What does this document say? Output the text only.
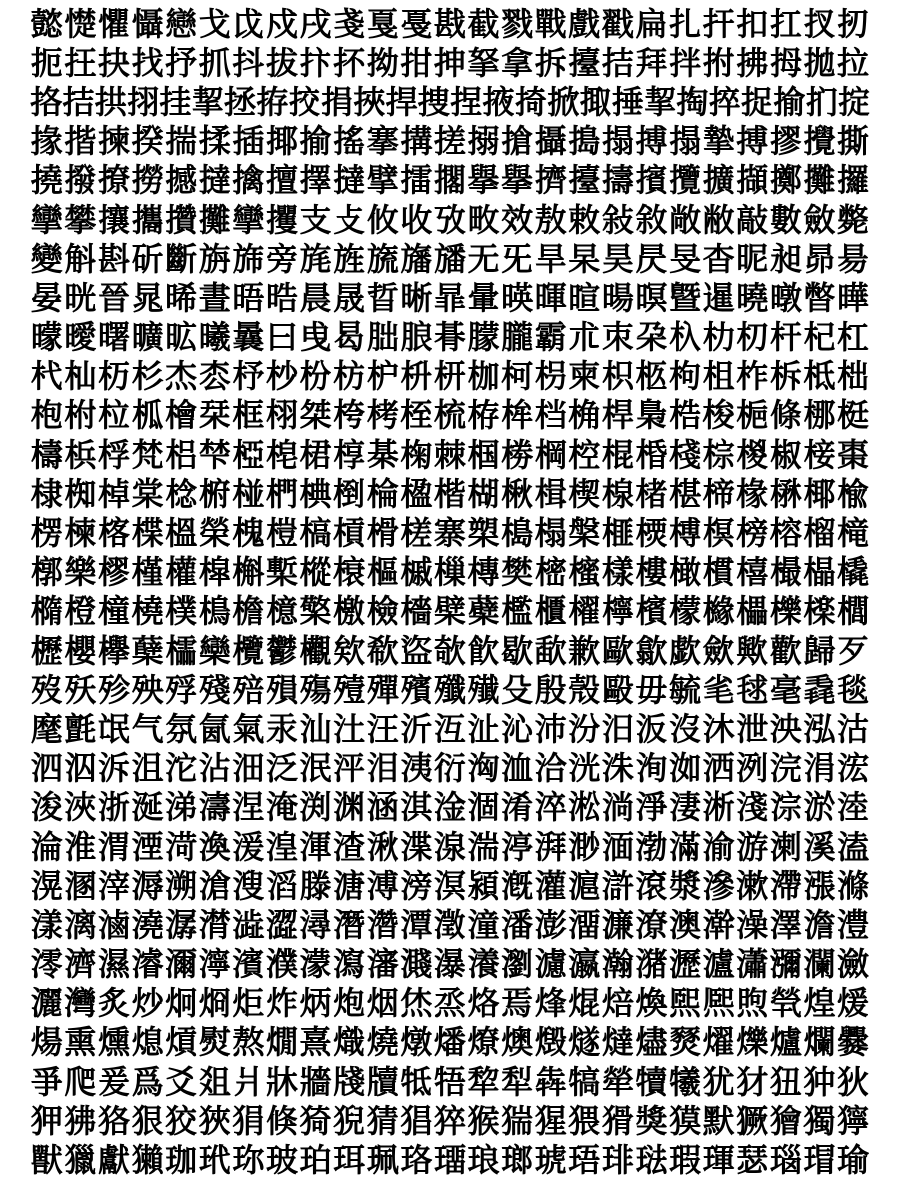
懿 憷 懼 懾 戀 戈 戉 戍 戌 戔 戛 戞 戡 截 戮 戰 戲 戳 扁 扎 扞 扣 扛 扠 扨
扼 抂 抉 找 抒 抓 抖 拔 抃 抔 拗 拑 抻 拏 拿 拆 擡 拮 拜 拌 拊 拂 拇 拋 拉
挌 拮 拱 挧 挂 挈 拯 拵 挍 捐 挾 捍 捜 捏 掖 掎 掀 掫 捶 挈 掏 捽 捉 揄 扪 掟
掾 揩 揀 揆 揣 揉 插 揶 揄 搖 搴 搆 搓 搦 搶 攝 搗 搨 搏 搨 摯 搏 摎 攪 撕
撓 撥 撩 撈 撼 撻 擒 擅 擇 撻 擘 擂 擱 擧 擧 擠 擡 擣 擯 攬 擴 擷 擲 攤 攞
攣 攀 攘 攜 攢 攤 攣 攫 支 攴 攸 收 攷 畋 效 敖 敕 敍 敘 敞 敝 敲 數 斂 斃
變 斛 斟 斫 斷 旃 旆 旁 旄 旌 旒 旛 旙 无 旡 旱 杲 昊 昃 旻 杳 昵 昶 昴 昜
晏 晄 晉 晁 晞 晝 晤 晧 晨 晟 晢 晰 暃 暈 暎 暉 暄 暘 暝 曁 暹 曉 暾 暼 曄
曚 曖 曙 曠 昿 曦 曩 曰 曵 曷 朏 朖 朞 朦 朧 霸 朮 朿 朶 杁 朸 朷 杆 杞 杠
杙 杣 杤 杉 杰 枩 杼 杪 枌 枋 枦 枡 枅 枷 柯 枴 柬 枳 柩 枸 柤 柞 柝 柢 柮
枹 柎 柆 柧 檜 栞 框 栩 桀 桍 栲 桎 梳 栫 桙 档 桷 桿 梟 梏 梭 梔 條 梛 梃
檮 梹 桴 梵 梠 梺 椏 梍 桾 椁 棊 椈 棘 椢 椦 棡 椌 棍 棔 棧 棕 椶 椒 椄 棗
棣 椥 棹 棠 棯 椨 椪 椚 椣 椡 棆 楹 楷 楜 楸 楫 楔 楾 楮 椹 楴 椽 楙 椰 楡
楞 楝 楁 楪 榲 榮 槐 榿 槁 槓 榾 槎 寨 槊 槝 榻 槃 榧 樮 榑 榠 榜 榕 榴 槞
槨 樂 樛 槿 權 槹 槲 槧 樅 榱 樞 槭 樔 槫 樊 樒 櫁 樣 樓 橄 樌 橲 樶 橸 橇
橢 橙 橦 橈 樸 樢 檐 檍 檠 檄 檢 檣 檗 蘗 檻 櫃 櫂 檸 檳 檬 櫞 櫑 櫟 檪 櫚
櫪 櫻 欅 蘖 櫺 欒 欖 鬱 欟 欸 欷 盜 欹 飮 歇 歃 歉 歐 歙 歔 歛 歟 歡 歸 歹
歿 殀 殄 殃 殍 殘 殕 殞 殤 殪 殫 殯 殲 殱 殳 殷 殼 毆 毋 毓 毟 毬 毫 毳 毯
麾 氈 氓 气 氛 氤 氣 汞 汕 汢 汪 沂 沍 沚 沁 沛 汾 汨 汳 沒 沐 泄 泱 泓 沽
泗 泅 泝 沮 沱 沾 沺 泛 泯 泙 泪 洟 衍 洶 洫 洽 洸 洙 洵 洳 洒 洌 浣 涓 浤
浚 浹 浙 涎 涕 濤 涅 淹 渕 渊 涵 淇 淦 涸 淆 淬 淞 淌 淨 淒 淅 淺 淙 淤 淕
淪 淮 渭 湮 渮 渙 湲 湟 渾 渣 湫 渫 湶 湍 渟 湃 渺 湎 渤 滿 渝 游 溂 溪 溘
滉 溷 滓 溽 溯 滄 溲 滔 滕 溏 溥 滂 溟 潁 漑 灌 滬 滸 滾 漿 滲 漱 滯 漲 滌
漾 漓 滷 澆 潺 潸 澁 澀 潯 潛 濳 潭 澂 潼 潘 澎 澑 濂 潦 澳 澣 澡 澤 澹 澧
澪 濟 濕 濬 濔 濘 濱 濮 濛 瀉 瀋 濺 瀑 瀁 瀏 濾 瀛 瀚 潴 瀝 瀘 瀟 瀰 瀾 瀲
灑 灣 炙 炒 炯 烱 炬 炸 炳 炮 烟 烋 烝 烙 焉 烽 焜 焙 煥 煕 熈 煦 煢 煌 煖
煬 熏 燻 熄 熕 熨 熬 燗 熹 熾 燒 燉 燔 燎 燠 燬 燧 燵 燼 燹 燿 爍 爐 爛 爨
爭 爬 爰 爲 爻 爼 爿 牀 牆 牋 牘 牴 牾 犂 犁 犇 犒 犖 犢 犧 犹 犲 狃 狆 狄
狎 狒 狢 狠 狡 狹 狷 倏 猗 猊 猜 猖 猝 猴 猯 猩 猥 猾 獎 獏 默 獗 獪 獨 獰
獸 獵 獻 獺 珈 玳 珎 玻 珀 珥 珮 珞 璢 琅 瑯 琥 珸 琲 琺 瑕 琿 瑟 瑙 瑁 瑜
